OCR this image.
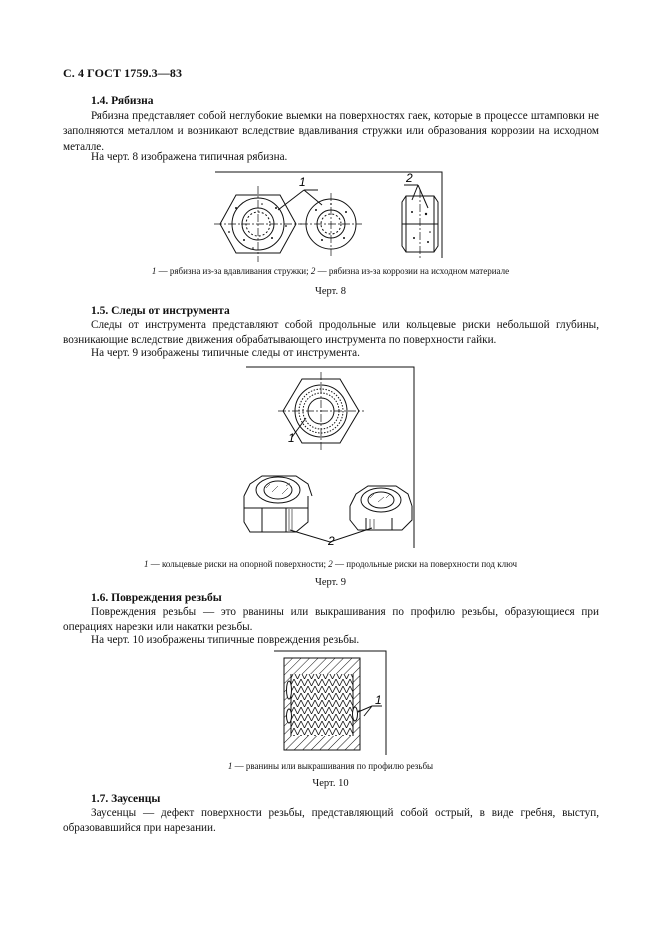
С. 4 ГОСТ 1759.3—83
1.4. Рябизна

Рябизна представляет собой неглубокие выемки на поверхностях гаек, которые в процессе штамповки не заполняются металлом и возникают вследствие вдавливания стружки или образования коррозии на исходном металле.

На черт. 8 изображена типичная рябизна.
1	2
1 — рябизна из-за вдавливания стружки; 2 — рябизна из-за коррозии на исходном материале
Черт. 8
1.5. Следы от инструмента

Следы от инструмента представляют собой продольные или кольцевые риски небольшой глубины, возникающие вследствие движения обрабатывающего инструмента по поверхности гайки.

На черт. 9 изображены типичные следы от инструмента.
1
2
1 — кольцевые риски на опорной поверхности; 2 — продольные риски на поверхности под ключ
Черт. 9
1.6. Повреждения резьбы

Повреждения резьбы — это рванины или выкрашивания по профилю резьбы, образующиеся при операциях нарезки или накатки резьбы.

На черт. 10 изображены типичные повреждения резьбы.
1
1 — рванины или выкрашивания по профилю резьбы
Черт. 10
1.7. Заусенцы

Заусенцы — дефект поверхности резьбы, представляющий собой острый, в виде гребня, выступ, образовавшийся при нарезании.
